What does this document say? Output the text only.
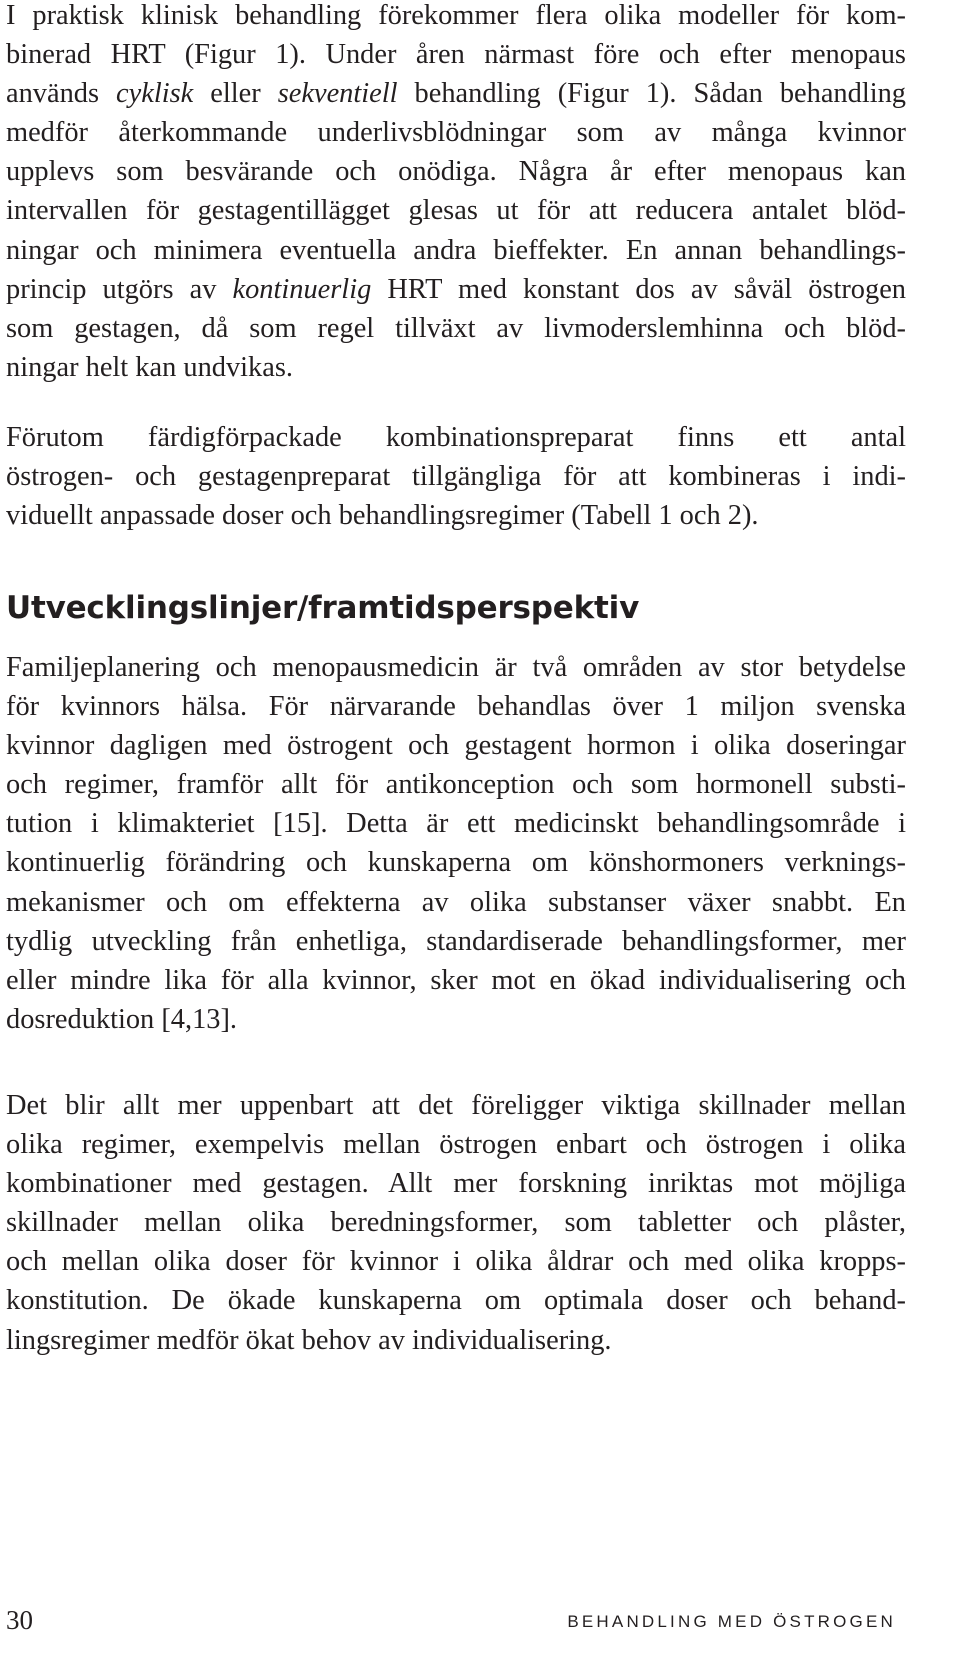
I praktisk klinisk behandling förekommer flera olika modeller för kom-
binerad HRT (Figur 1). Under åren närmast före och efter menopaus
används cyklisk eller sekventiell behandling (Figur 1). Sådan behandling
medför återkommande underlivsblödningar som av många kvinnor
upplevs som besvärande och onödiga. Några år efter menopaus kan
intervallen för gestagentillägget glesas ut för att reducera antalet blöd-
ningar och minimera eventuella andra bieffekter. En annan behandlings-
princip utgörs av kontinuerlig HRT med konstant dos av såväl östrogen
som gestagen, då som regel tillväxt av livmoderslemhinna och blöd-
ningar helt kan undvikas.
Förutom färdigförpackade kombinationspreparat finns ett antal
östrogen- och gestagenpreparat tillgängliga för att kombineras i indi-
viduellt anpassade doser och behandlingsregimer (Tabell 1 och 2).
Utvecklingslinjer/framtidsperspektiv
Familjeplanering och menopausmedicin är två områden av stor betydelse
för kvinnors hälsa. För närvarande behandlas över 1 miljon svenska
kvinnor dagligen med östrogent och gestagent hormon i olika doseringar
och regimer, framför allt för antikonception och som hormonell substi-
tution i klimakteriet [15]. Detta är ett medicinskt behandlingsområde i
kontinuerlig förändring och kunskaperna om könshormoners verknings-
mekanismer och om effekterna av olika substanser växer snabbt. En
tydlig utveckling från enhetliga, standardiserade behandlingsformer, mer
eller mindre lika för alla kvinnor, sker mot en ökad individualisering och
dosreduktion [4,13].
Det blir allt mer uppenbart att det föreligger viktiga skillnader mellan
olika regimer, exempelvis mellan östrogen enbart och östrogen i olika
kombinationer med gestagen. Allt mer forskning inriktas mot möjliga
skillnader mellan olika beredningsformer, som tabletter och plåster,
och mellan olika doser för kvinnor i olika åldrar och med olika kropps-
konstitution. De ökade kunskaperna om optimala doser och behand-
lingsregimer medför ökat behov av individualisering.
30	BEHANDLING MED ÖSTROGEN
